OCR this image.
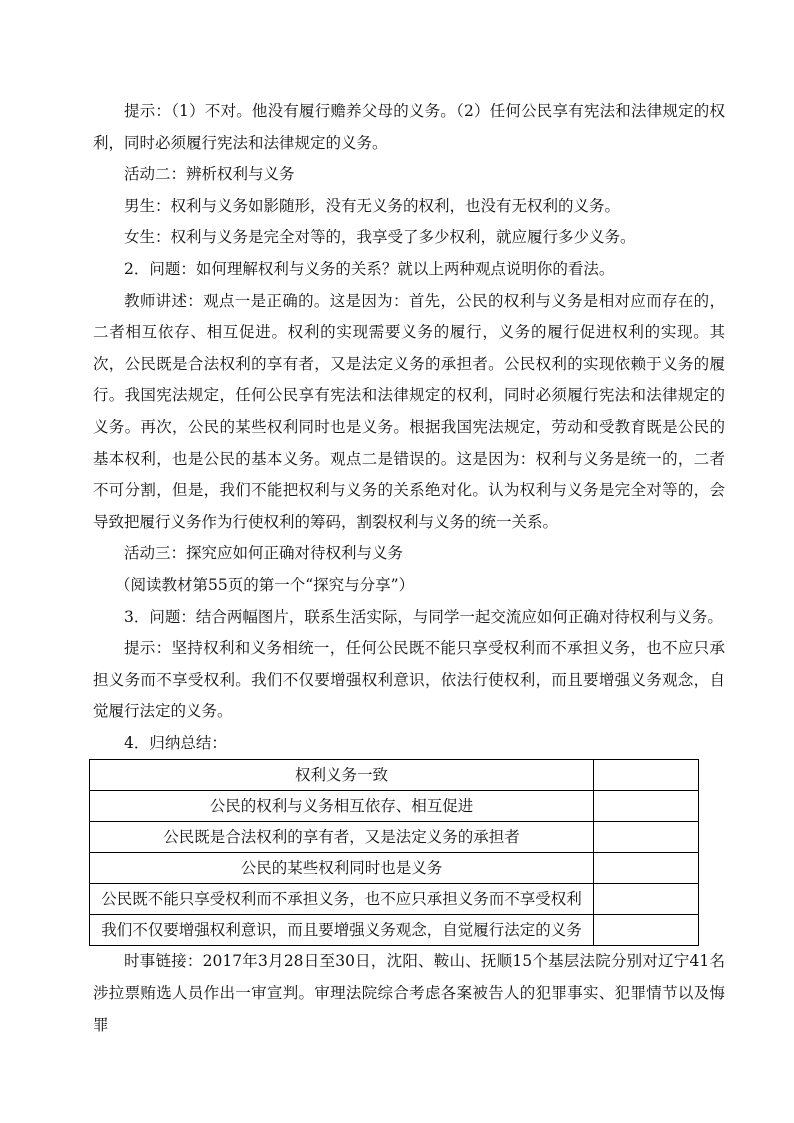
提示：（1）不对。他没有履行赡养父母的义务。（2）任何公民享有宪法和法律规定的权利，同时必须履行宪法和法律规定的义务。

活动二：辨析权利与义务

男生：权利与义务如影随形，没有无义务的权利，也没有无权利的义务。

女生：权利与义务是完全对等的，我享受了多少权利，就应履行多少义务。

2．问题：如何理解权利与义务的关系？就以上两种观点说明你的看法。

教师讲述：观点一是正确的。这是因为：首先，公民的权利与义务是相对应而存在的，二者相互依存、相互促进。权利的实现需要义务的履行，义务的履行促进权利的实现。其次，公民既是合法权利的享有者，又是法定义务的承担者。公民权利的实现依赖于义务的履行。我国宪法规定，任何公民享有宪法和法律规定的权利，同时必须履行宪法和法律规定的义务。再次，公民的某些权利同时也是义务。根据我国宪法规定，劳动和受教育既是公民的基本权利，也是公民的基本义务。观点二是错误的。这是因为：权利与义务是统一的，二者不可分割，但是，我们不能把权利与义务的关系绝对化。认为权利与义务是完全对等的，会导致把履行义务作为行使权利的筹码，割裂权利与义务的统一关系。

活动三：探究应如何正确对待权利与义务

（阅读教材第55页的第一个“探究与分享”）

3．问题：结合两幅图片，联系生活实际，与同学一起交流应如何正确对待权利与义务。

提示：坚持权利和义务相统一，任何公民既不能只享受权利而不承担义务，也不应只承担义务而不享受权利。我们不仅要增强权利意识，依法行使权利，而且要增强义务观念，自觉履行法定的义务。

4．归纳总结：

权利义务一致	
公民的权利与义务相互依存、相互促进	
公民既是合法权利的享有者，又是法定义务的承担者	
公民的某些权利同时也是义务	
公民既不能只享受权利而不承担义务，也不应只承担义务而不享受权利	
我们不仅要增强权利意识，而且要增强义务观念，自觉履行法定的义务	

时事链接：2017年3月28日至30日，沈阳、鞍山、抚顺15个基层法院分别对辽宁41名涉拉票贿选人员作出一审宣判。审理法院综合考虑各案被告人的犯罪事实、犯罪情节以及悔罪
